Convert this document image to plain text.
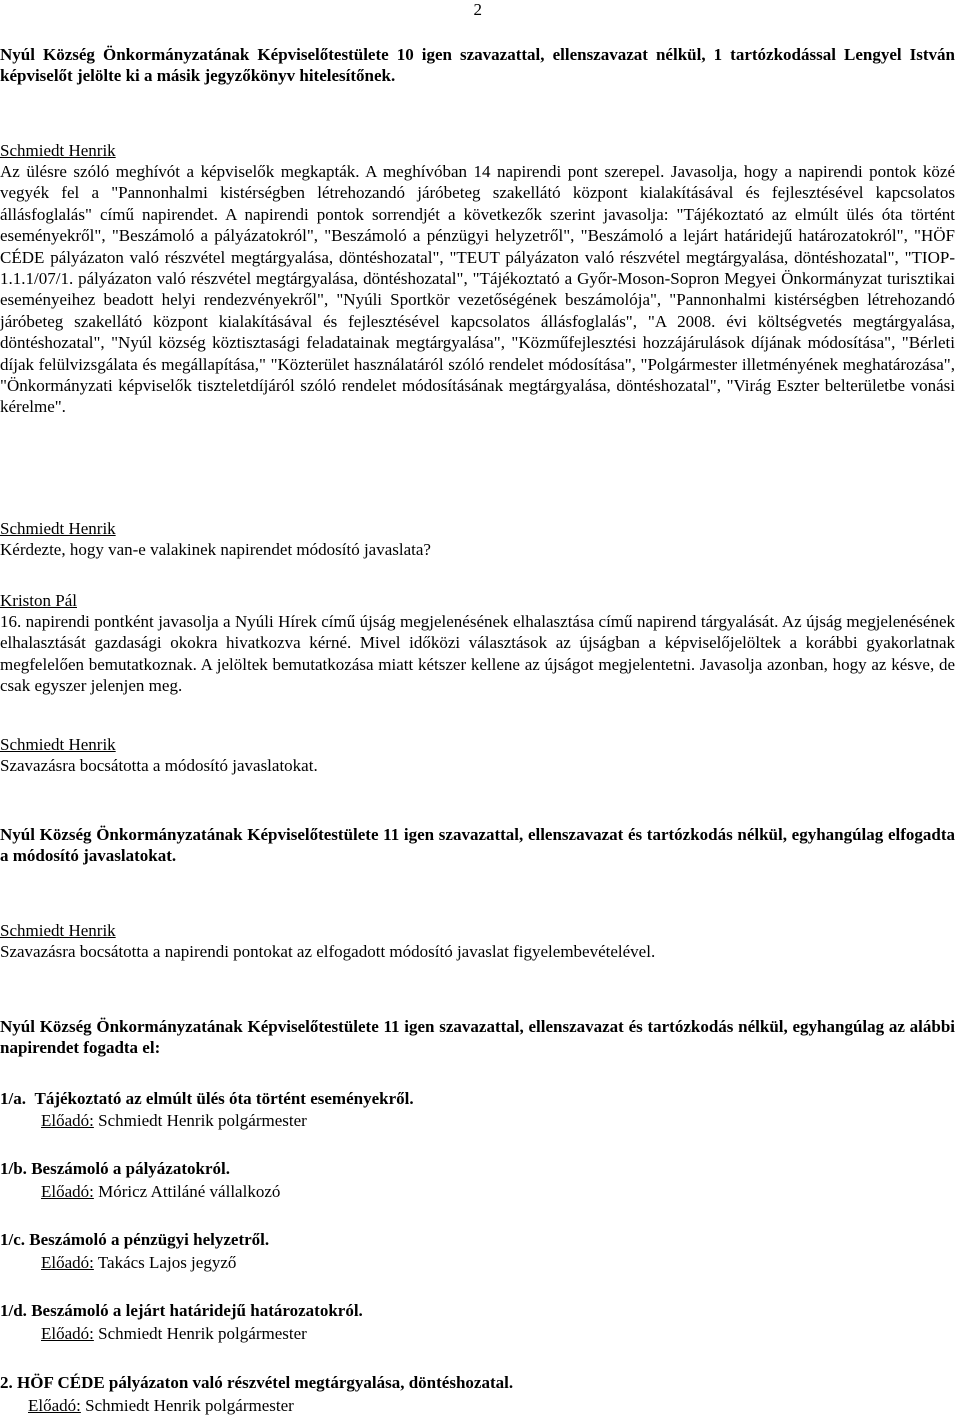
2
Nyúl Község Önkormányzatának Képviselőtestülete 10 igen szavazattal, ellenszavazat nélkül, 1 tartózkodással Lengyel István képviselőt jelölte ki a másik jegyzőkönyv hitelesítőnek.
Schmiedt Henrik
Az ülésre szóló meghívót a képviselők megkapták. A meghívóban 14 napirendi pont szerepel. Javasolja, hogy a napirendi pontok közé vegyék fel a "Pannonhalmi kistérségben létrehozandó járóbeteg szakellátó központ kialakításával és fejlesztésével kapcsolatos állásfoglalás" című napirendet. A napirendi pontok sorrendjét a következők szerint javasolja: "Tájékoztató az elmúlt ülés óta történt eseményekről", "Beszámoló a pályázatokról", "Beszámoló a pénzügyi helyzetről", "Beszámoló a lejárt határidejű határozatokról", "HÖF CÉDE pályázaton való részvétel megtárgyalása, döntéshozatal", "TEUT pályázaton való részvétel megtárgyalása, döntéshozatal", "TIOP-1.1.1/07/1. pályázaton való részvétel megtárgyalása, döntéshozatal", "Tájékoztató a Győr-Moson-Sopron Megyei Önkormányzat turisztikai eseményeihez beadott helyi rendezvényekről", "Nyúli Sportkör vezetőségének beszámolója", "Pannonhalmi kistérségben létrehozandó járóbeteg szakellátó központ kialakításával és fejlesztésével kapcsolatos állásfoglalás", "A 2008. évi költségvetés megtárgyalása, döntéshozatal", "Nyúl község köztisztasági feladatainak megtárgyalása", "Közműfejlesztési hozzájárulások díjának módosítása", "Bérleti díjak felülvizsgálata és megállapítása," "Közterület használatáról szóló rendelet módosítása", "Polgármester illetményének meghatározása", "Önkormányzati képviselők tiszteletdíjáról szóló rendelet módosításának megtárgyalása, döntéshozatal", "Virág Eszter belterületbe vonási kérelme".
Schmiedt Henrik
Kérdezte, hogy van-e valakinek napirendet módosító javaslata?
Kriston Pál
16. napirendi pontként javasolja a Nyúli Hírek című újság megjelenésének elhalasztása című napirend tárgyalását. Az újság megjelenésének elhalasztását gazdasági okokra hivatkozva kérné. Mivel időközi választások az újságban a képviselőjelöltek a korábbi gyakorlatnak megfelelően bemutatkoznak. A jelöltek bemutatkozása miatt kétszer kellene az újságot megjelentetni. Javasolja azonban, hogy az késve, de csak egyszer jelenjen meg.
Schmiedt Henrik
Szavazásra bocsátotta a módosító javaslatokat.
Nyúl Község Önkormányzatának Képviselőtestülete 11 igen szavazattal, ellenszavazat és tartózkodás nélkül, egyhangúlag elfogadta a módosító javaslatokat.
Schmiedt Henrik
Szavazásra bocsátotta a napirendi pontokat az elfogadott módosító javaslat figyelembevételével.
Nyúl Község Önkormányzatának Képviselőtestülete 11 igen szavazattal, ellenszavazat és tartózkodás nélkül, egyhangúlag az alábbi napirendet fogadta el:
1/a. Tájékoztató az elmúlt ülés óta történt eseményekről.
Előadó: Schmiedt Henrik polgármester
1/b. Beszámoló a pályázatokról.
Előadó: Móricz Attiláné vállalkozó
1/c. Beszámoló a pénzügyi helyzetről.
Előadó: Takács Lajos jegyző
1/d. Beszámoló a lejárt határidejű határozatokról.
Előadó: Schmiedt Henrik polgármester
2. HÖF CÉDE pályázaton való részvétel megtárgyalása, döntéshozatal.
Előadó: Schmiedt Henrik polgármester
